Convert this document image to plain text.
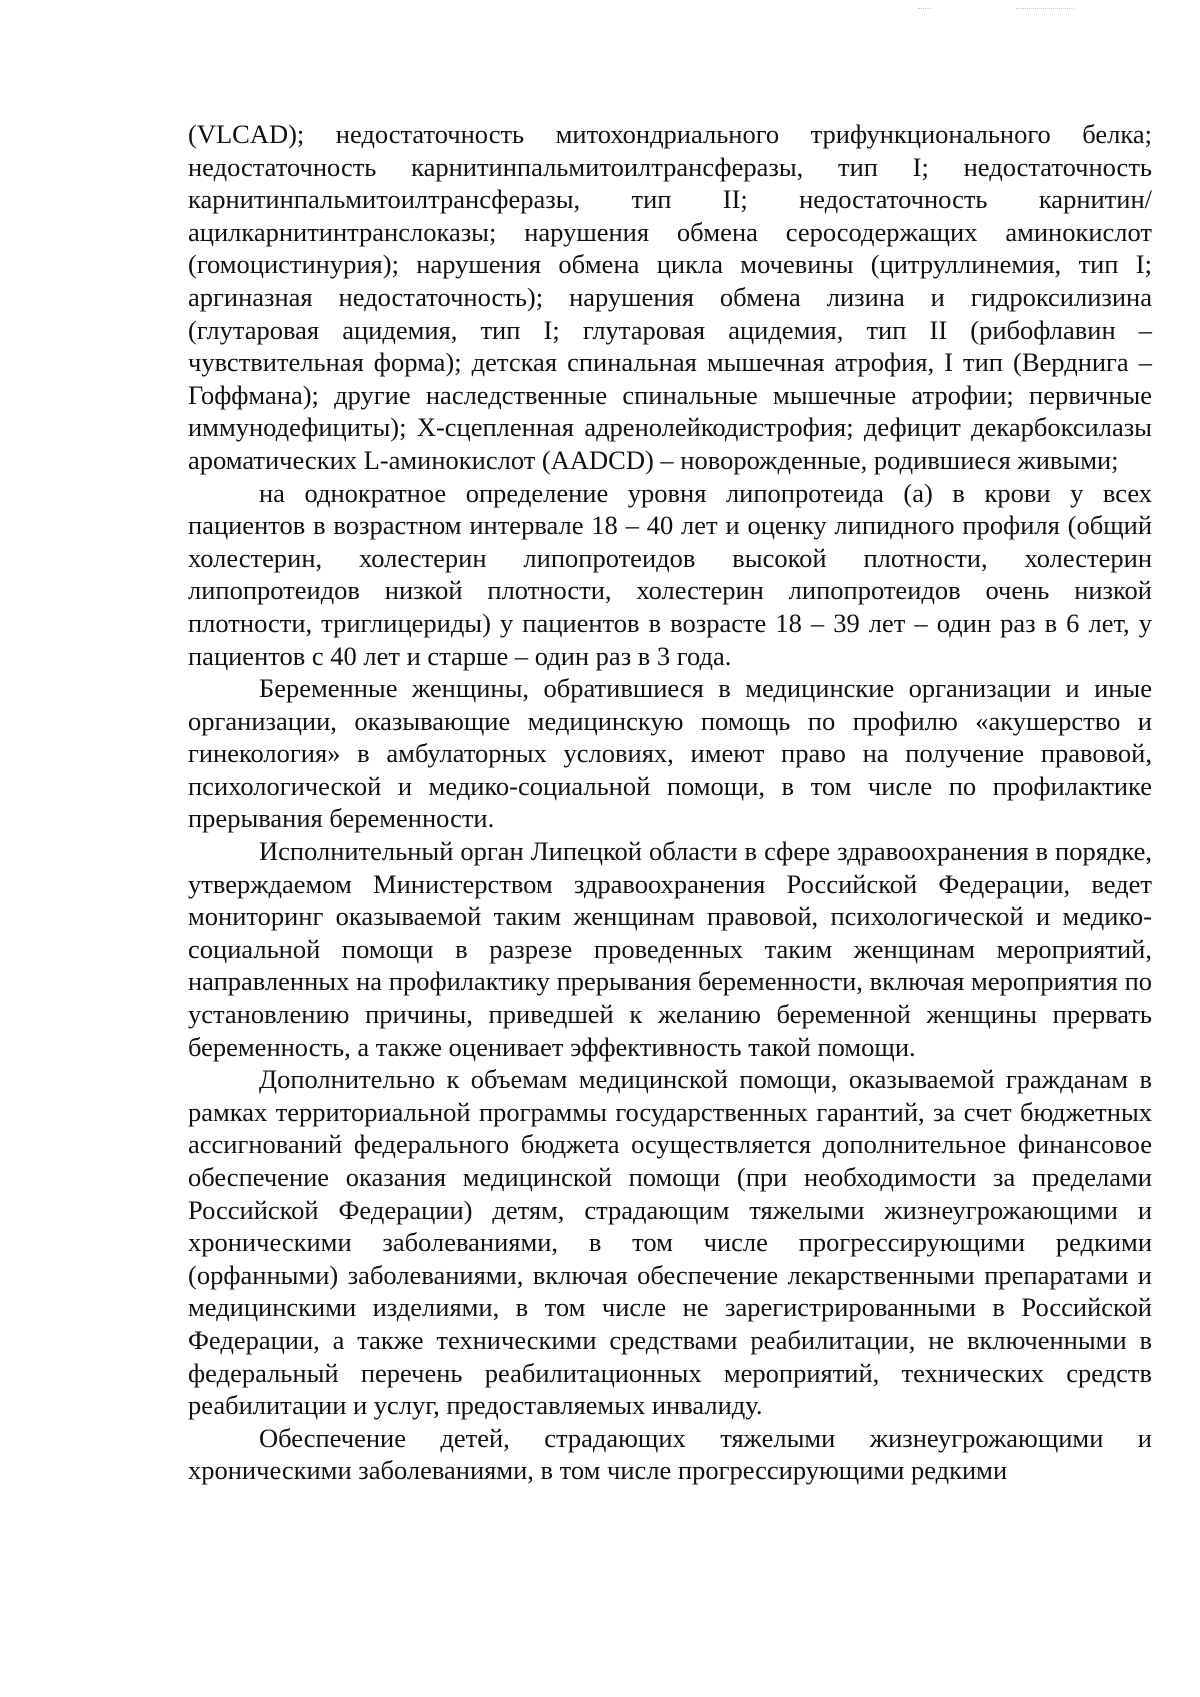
(VLCAD); недостаточность митохондриального трифункционального белка; недостаточность карнитинпальмитоилтрансферазы, тип I; недостаточность карнитинпальмитоилтрансферазы, тип II; недостаточность карнитин/ацилкарнитинтранслоказы; нарушения обмена серосодержащих аминокислот (гомоцистинурия); нарушения обмена цикла мочевины (цитруллинемия, тип I; аргиназная недостаточность); нарушения обмена лизина и гидроксилизина (глутаровая ацидемия, тип I; глутаровая ацидемия, тип II (рибофлавин – чувствительная форма); детская спинальная мышечная атрофия, I тип (Верднига – Гоффмана); другие наследственные спинальные мышечные атрофии; первичные иммунодефициты); X-сцепленная адренолейкодистрофия; дефицит декарбоксилазы ароматических L-аминокислот (AADCD) – новорожденные, родившиеся живыми;

на однократное определение уровня липопротеида (а) в крови у всех пациентов в возрастном интервале 18 – 40 лет и оценку липидного профиля (общий холестерин, холестерин липопротеидов высокой плотности, холестерин липопротеидов низкой плотности, холестерин липопротеидов очень низкой плотности, триглицериды) у пациентов в возрасте 18 – 39 лет – один раз в 6 лет, у пациентов с 40 лет и старше – один раз в 3 года.

Беременные женщины, обратившиеся в медицинские организации и иные организации, оказывающие медицинскую помощь по профилю «акушерство и гинекология» в амбулаторных условиях, имеют право на получение правовой, психологической и медико-социальной помощи, в том числе по профилактике прерывания беременности.

Исполнительный орган Липецкой области в сфере здравоохранения в порядке, утверждаемом Министерством здравоохранения Российской Федерации, ведет мониторинг оказываемой таким женщинам правовой, психологической и медико-социальной помощи в разрезе проведенных таким женщинам мероприятий, направленных на профилактику прерывания беременности, включая мероприятия по установлению причины, приведшей к желанию беременной женщины прервать беременность, а также оценивает эффективность такой помощи.

Дополнительно к объемам медицинской помощи, оказываемой гражданам в рамках территориальной программы государственных гарантий, за счет бюджетных ассигнований федерального бюджета осуществляется дополнительное финансовое обеспечение оказания медицинской помощи (при необходимости за пределами Российской Федерации) детям, страдающим тяжелыми жизнеугрожающими и хроническими заболеваниями, в том числе прогрессирующими редкими (орфанными) заболеваниями, включая обеспечение лекарственными препаратами и медицинскими изделиями, в том числе не зарегистрированными в Российской Федерации, а также техническими средствами реабилитации, не включенными в федеральный перечень реабилитационных мероприятий, технических средств реабилитации и услуг, предоставляемых инвалиду.

Обеспечение детей, страдающих тяжелыми жизнеугрожающими и хроническими заболеваниями, в том числе прогрессирующими редкими
